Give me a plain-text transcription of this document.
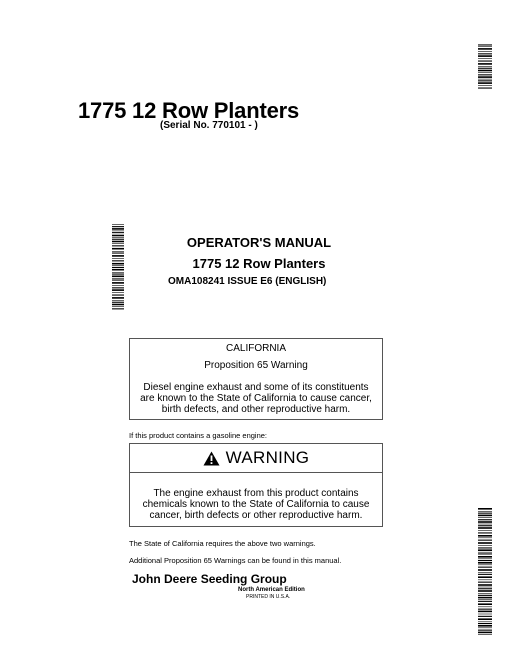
1775 12 Row Planters
(Serial No. 770101 - )
OPERATOR'S MANUAL
1775 12 Row Planters
OMA108241 ISSUE E6 (ENGLISH)
CALIFORNIA
Proposition 65 Warning
Diesel engine exhaust and some of its constituents are known to the State of California to cause cancer, birth defects, and other reproductive harm.
If this product contains a gasoline engine:
WARNING
The engine exhaust from this product contains chemicals known to the State of California to cause cancer, birth defects or other reproductive harm.
The State of California requires the above two warnings.
Additional Proposition 65 Warnings can be found in this manual.
John Deere Seeding Group
North American Edition
PRINTED IN U.S.A.
